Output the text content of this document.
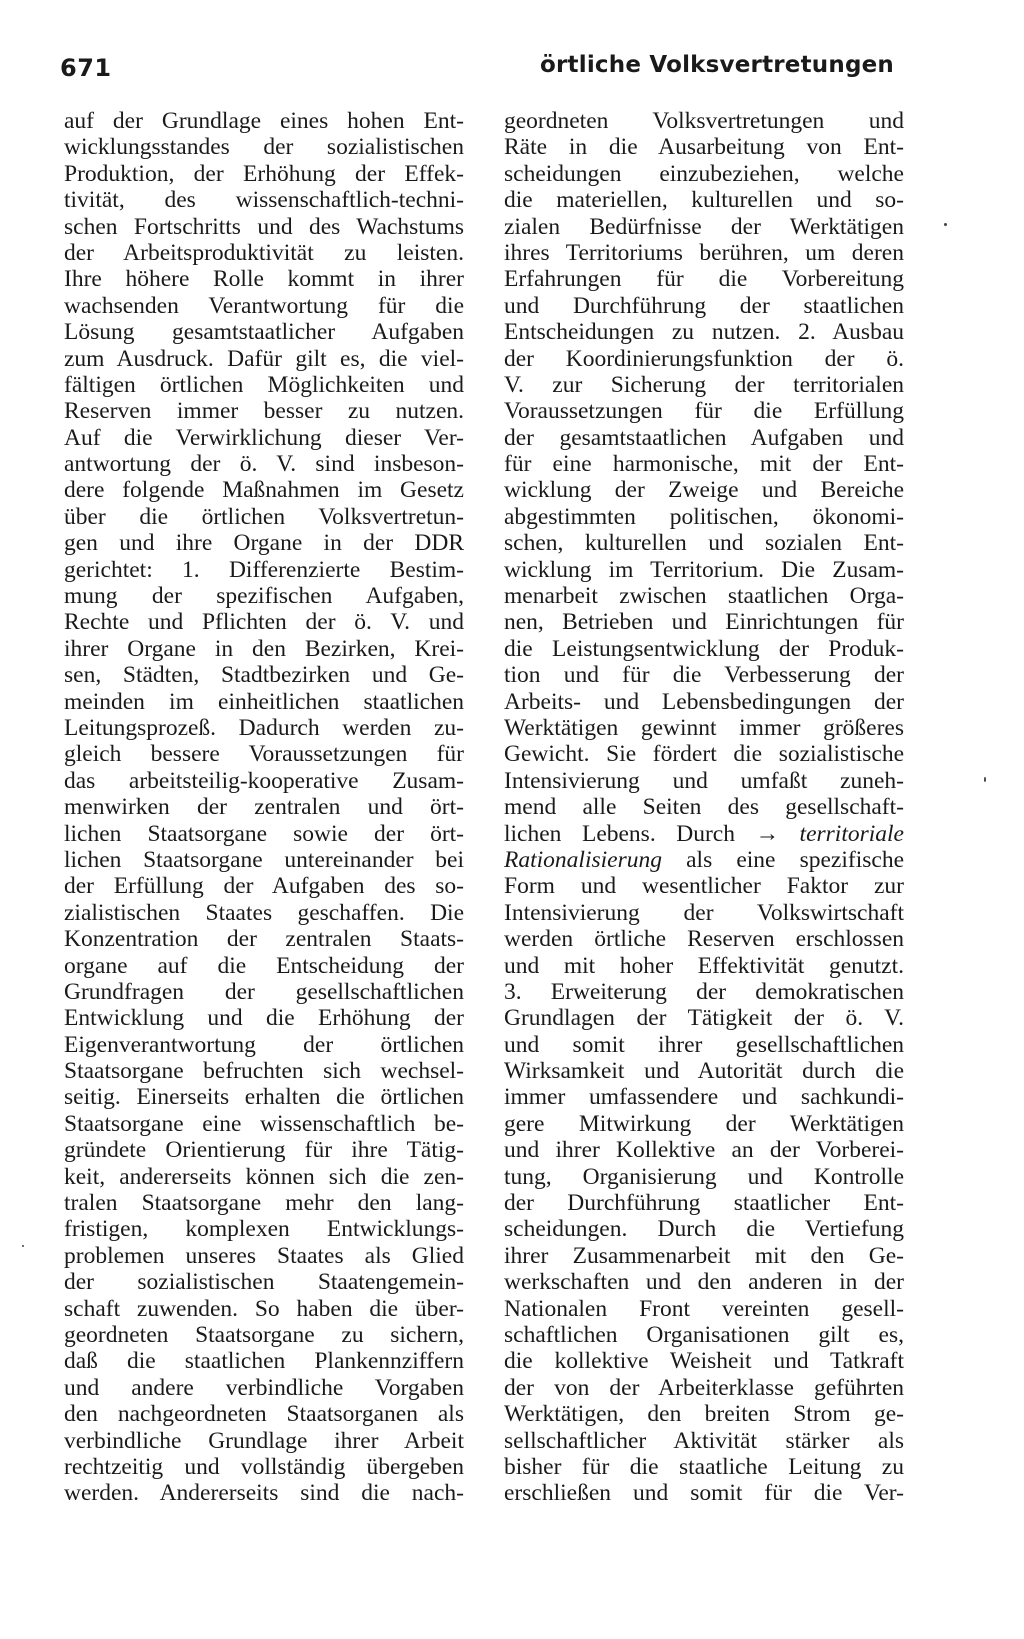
671	örtliche Volksvertretungen
auf der Grundlage eines hohen Ent-
wicklungsstandes der sozialistischen
Produktion, der Erhöhung der Effek-
tivität, des wissenschaftlich-techni-
schen Fortschritts und des Wachstums
der Arbeitsproduktivität zu leisten.
Ihre höhere Rolle kommt in ihrer
wachsenden Verantwortung für die
Lösung gesamtstaatlicher Aufgaben
zum Ausdruck. Dafür gilt es, die viel-
fältigen örtlichen Möglichkeiten und
Reserven immer besser zu nutzen.
Auf die Verwirklichung dieser Ver-
antwortung der ö. V. sind insbeson-
dere folgende Maßnahmen im Gesetz
über die örtlichen Volksvertretun-
gen und ihre Organe in der DDR
gerichtet: 1. Differenzierte Bestim-
mung der spezifischen Aufgaben,
Rechte und Pflichten der ö. V. und
ihrer Organe in den Bezirken, Krei-
sen, Städten, Stadtbezirken und Ge-
meinden im einheitlichen staatlichen
Leitungsprozeß. Dadurch werden zu-
gleich bessere Voraussetzungen für
das arbeitsteilig-kooperative Zusam-
menwirken der zentralen und ört-
lichen Staatsorgane sowie der ört-
lichen Staatsorgane untereinander bei
der Erfüllung der Aufgaben des so-
zialistischen Staates geschaffen. Die
Konzentration der zentralen Staats-
organe auf die Entscheidung der
Grundfragen der gesellschaftlichen
Entwicklung und die Erhöhung der
Eigenverantwortung der örtlichen
Staatsorgane befruchten sich wechsel-
seitig. Einerseits erhalten die örtlichen
Staatsorgane eine wissenschaftlich be-
gründete Orientierung für ihre Tätig-
keit, andererseits können sich die zen-
tralen Staatsorgane mehr den lang-
fristigen, komplexen Entwicklungs-
problemen unseres Staates als Glied
der sozialistischen Staatengemein-
schaft zuwenden. So haben die über-
geordneten Staatsorgane zu sichern,
daß die staatlichen Plankennziffern
und andere verbindliche Vorgaben
den nachgeordneten Staatsorganen als
verbindliche Grundlage ihrer Arbeit
rechtzeitig und vollständig übergeben
werden. Andererseits sind die nach-
geordneten Volksvertretungen und
Räte in die Ausarbeitung von Ent-
scheidungen einzubeziehen, welche
die materiellen, kulturellen und so-
zialen Bedürfnisse der Werktätigen
ihres Territoriums berühren, um deren
Erfahrungen für die Vorbereitung
und Durchführung der staatlichen
Entscheidungen zu nutzen. 2. Ausbau
der Koordinierungsfunktion der ö.
V. zur Sicherung der territorialen
Voraussetzungen für die Erfüllung
der gesamtstaatlichen Aufgaben und
für eine harmonische, mit der Ent-
wicklung der Zweige und Bereiche
abgestimmten politischen, ökonomi-
schen, kulturellen und sozialen Ent-
wicklung im Territorium. Die Zusam-
menarbeit zwischen staatlichen Orga-
nen, Betrieben und Einrichtungen für
die Leistungsentwicklung der Produk-
tion und für die Verbesserung der
Arbeits- und Lebensbedingungen der
Werktätigen gewinnt immer größeres
Gewicht. Sie fördert die sozialistische
Intensivierung und umfaßt zuneh-
mend alle Seiten des gesellschaft-
lichen Lebens. Durch → territoriale
Rationalisierung als eine spezifische
Form und wesentlicher Faktor zur
Intensivierung der Volkswirtschaft
werden örtliche Reserven erschlossen
und mit hoher Effektivität genutzt.
3. Erweiterung der demokratischen
Grundlagen der Tätigkeit der ö. V.
und somit ihrer gesellschaftlichen
Wirksamkeit und Autorität durch die
immer umfassendere und sachkundi-
gere Mitwirkung der Werktätigen
und ihrer Kollektive an der Vorberei-
tung, Organisierung und Kontrolle
der Durchführung staatlicher Ent-
scheidungen. Durch die Vertiefung
ihrer Zusammenarbeit mit den Ge-
werkschaften und den anderen in der
Nationalen Front vereinten gesell-
schaftlichen Organisationen gilt es,
die kollektive Weisheit und Tatkraft
der von der Arbeiterklasse geführten
Werktätigen, den breiten Strom ge-
sellschaftlicher Aktivität stärker als
bisher für die staatliche Leitung zu
erschließen und somit für die Ver-
